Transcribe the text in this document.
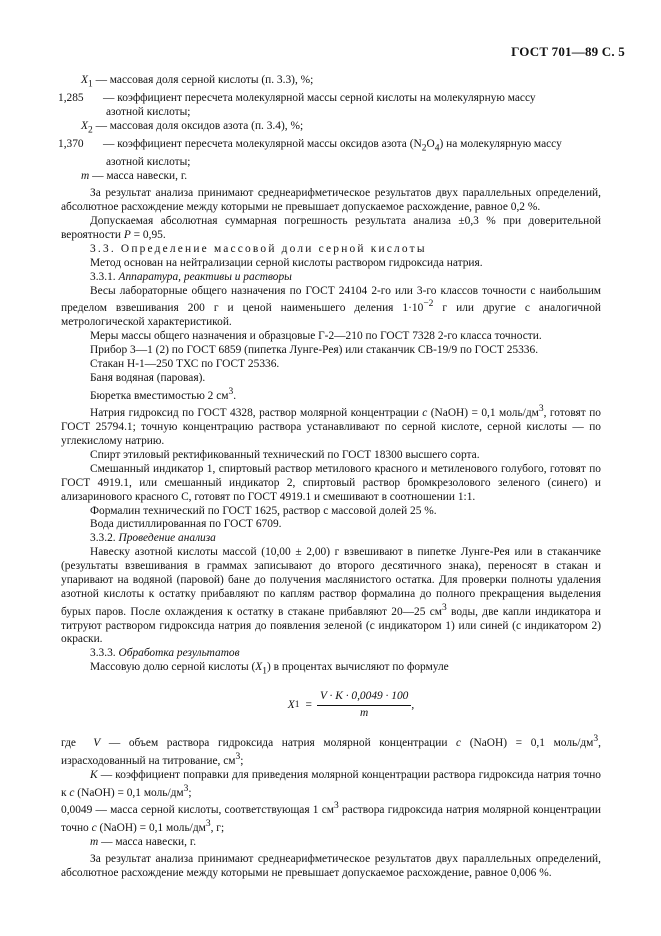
ГОСТ 701—89 С. 5

$X_1$ — массовая доля серной кислоты (п. 3.3), %;

1,285	— коэффициент пересчета молекулярной массы серной кислоты на молекулярную массу

азотной кислоты;

$X_2$ — массовая доля оксидов азота (п. 3.4), %;

1,370	— коэффициент пересчета молекулярной массы оксидов азота $(N_2O_4)$ на молекулярную массу

азотной кислоты;

m — масса навески, г.

За результат анализа принимают среднеарифметическое результатов двух параллельных определений, абсолютное расхождение между которыми не превышает допускаемое расхождение, равное 0,2 %.

Допускаемая абсолютная суммарная погрешность результата анализа ±0,3 % при доверительной вероятности P = 0,95.

3.3. Определение массовой доли серной кислоты

Метод основан на нейтрализации серной кислоты раствором гидроксида натрия.

3.3.1. Аппаратура, реактивы и растворы

Весы лабораторные общего назначения по ГОСТ 24104 2-го или 3-го классов точности с наибольшим пределом взвешивания 200 г и ценой наименьшего деления $1\cdot 10^{-2}$ г или другие с аналогичной метрологической характеристикой.

Меры массы общего назначения и образцовые Г-2—210 по ГОСТ 7328 2-го класса точности.

Прибор 3—1 (2) по ГОСТ 6859 (пипетка Лунге-Рея) или стаканчик СВ-19/9 по ГОСТ 25336.

Стакан Н-1—250 ТХС по ГОСТ 25336.

Баня водяная (паровая).

Бюретка вместимостью 2 $см^3$.

Натрия гидроксид по ГОСТ 4328, раствор молярной концентрации c (NaOH) = 0,1 моль/$дм^3$, готовят по ГОСТ 25794.1; точную концентрацию раствора устанавливают по серной кислоте, серной кислоты — по углекислому натрию.

Спирт этиловый ректификованный технический по ГОСТ 18300 высшего сорта.

Смешанный индикатор 1, спиртовый раствор метилового красного и метиленового голубого, готовят по ГОСТ 4919.1, или смешанный индикатор 2, спиртовый раствор бромкрезолового зеленого (синего) и ализаринового красного С, готовят по ГОСТ 4919.1 и смешивают в соотношении 1:1.

Формалин технический по ГОСТ 1625, раствор с массовой долей 25 %.

Вода дистиллированная по ГОСТ 6709.

3.3.2. Проведение анализа

Навеску азотной кислоты массой (10,00 ± 2,00) г взвешивают в пипетке Лунге-Рея или в стаканчике (результаты взвешивания в граммах записывают до второго десятичного знака), переносят в стакан и упаривают на водяной (паровой) бане до получения маслянистого остатка. Для проверки полноты удаления азотной кислоты к остатку прибавляют по каплям раствор формалина до полного прекращения выделения бурых паров. После охлаждения к остатку в стакане прибавляют 20—25 $см^3$ воды, две капли индикатора и титруют раствором гидроксида натрия до появления зеленой (с индикатором 1) или синей (с индикатором 2) окраски.

3.3.3. Обработка результатов

Массовую долю серной кислоты $(X_1)$ в процентах вычисляют по формуле

X $1 = \frac{V \cdot K \cdot 0,0049 \cdot 100}{m}$ ,

где V — объем раствора гидроксида натрия молярной концентрации c (NaOH) = 0,1 моль/$дм^3$, израсходованный на титрование, $см^3$;

K — коэффициент поправки для приведения молярной концентрации раствора гидроксида натрия точно к c (NaOH) = 0,1 моль/$дм^3$;

0,0049 — масса серной кислоты, соответствующая 1 $см^3$ раствора гидроксида натрия молярной концентрации точно c (NaOH) = 0,1 моль/$дм^3$, г;

m — масса навески, г.

За результат анализа принимают среднеарифметическое результатов двух параллельных определений, абсолютное расхождение между которыми не превышает допускаемое расхождение, равное 0,006 %.
